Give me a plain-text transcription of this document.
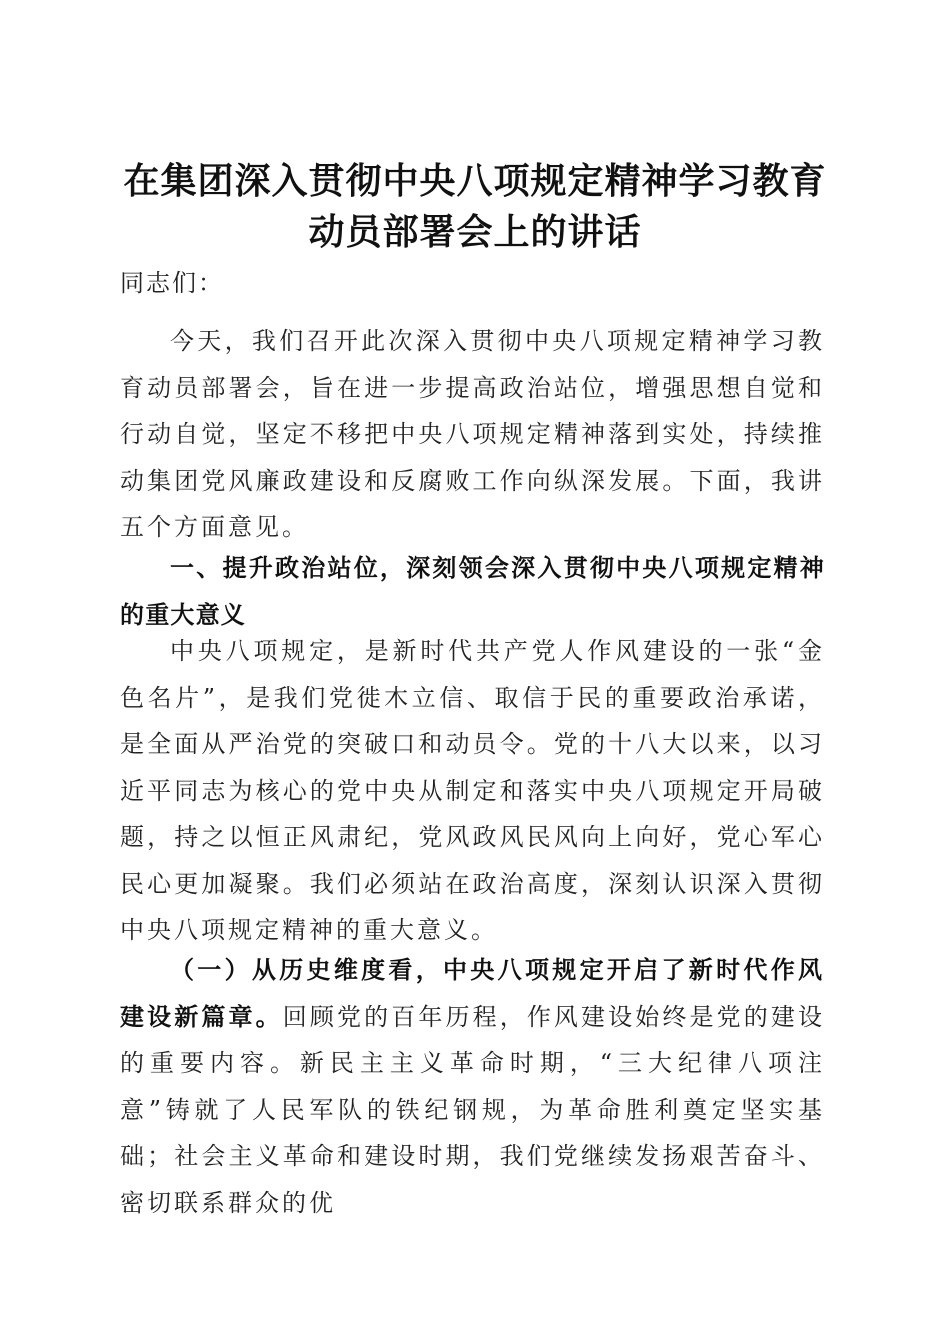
在集团深入贯彻中央八项规定精神学习教育动员部署会上的讲话

同志们：

今天，我们召开此次深入贯彻中央八项规定精神学习教育动员部署会，旨在进一步提高政治站位，增强思想自觉和行动自觉，坚定不移把中央八项规定精神落到实处，持续推动集团党风廉政建设和反腐败工作向纵深发展。下面，我讲五个方面意见。

一、提升政治站位，深刻领会深入贯彻中央八项规定精神的重大意义

中央八项规定，是新时代共产党人作风建设的一张“金色名片”，是我们党徙木立信、取信于民的重要政治承诺，是全面从严治党的突破口和动员令。党的十八大以来，以习近平同志为核心的党中央从制定和落实中央八项规定开局破题，持之以恒正风肃纪，党风政风民风向上向好，党心军心民心更加凝聚。我们必须站在政治高度，深刻认识深入贯彻中央八项规定精神的重大意义。

（一）从历史维度看，中央八项规定开启了新时代作风建设新篇章。回顾党的百年历程，作风建设始终是党的建设的重要内容。新民主主义革命时期，“三大纪律八项注意”铸就了人民军队的铁纪钢规，为革命胜利奠定坚实基础；社会主义革命和建设时期，我们党继续发扬艰苦奋斗、密切联系群众的优
